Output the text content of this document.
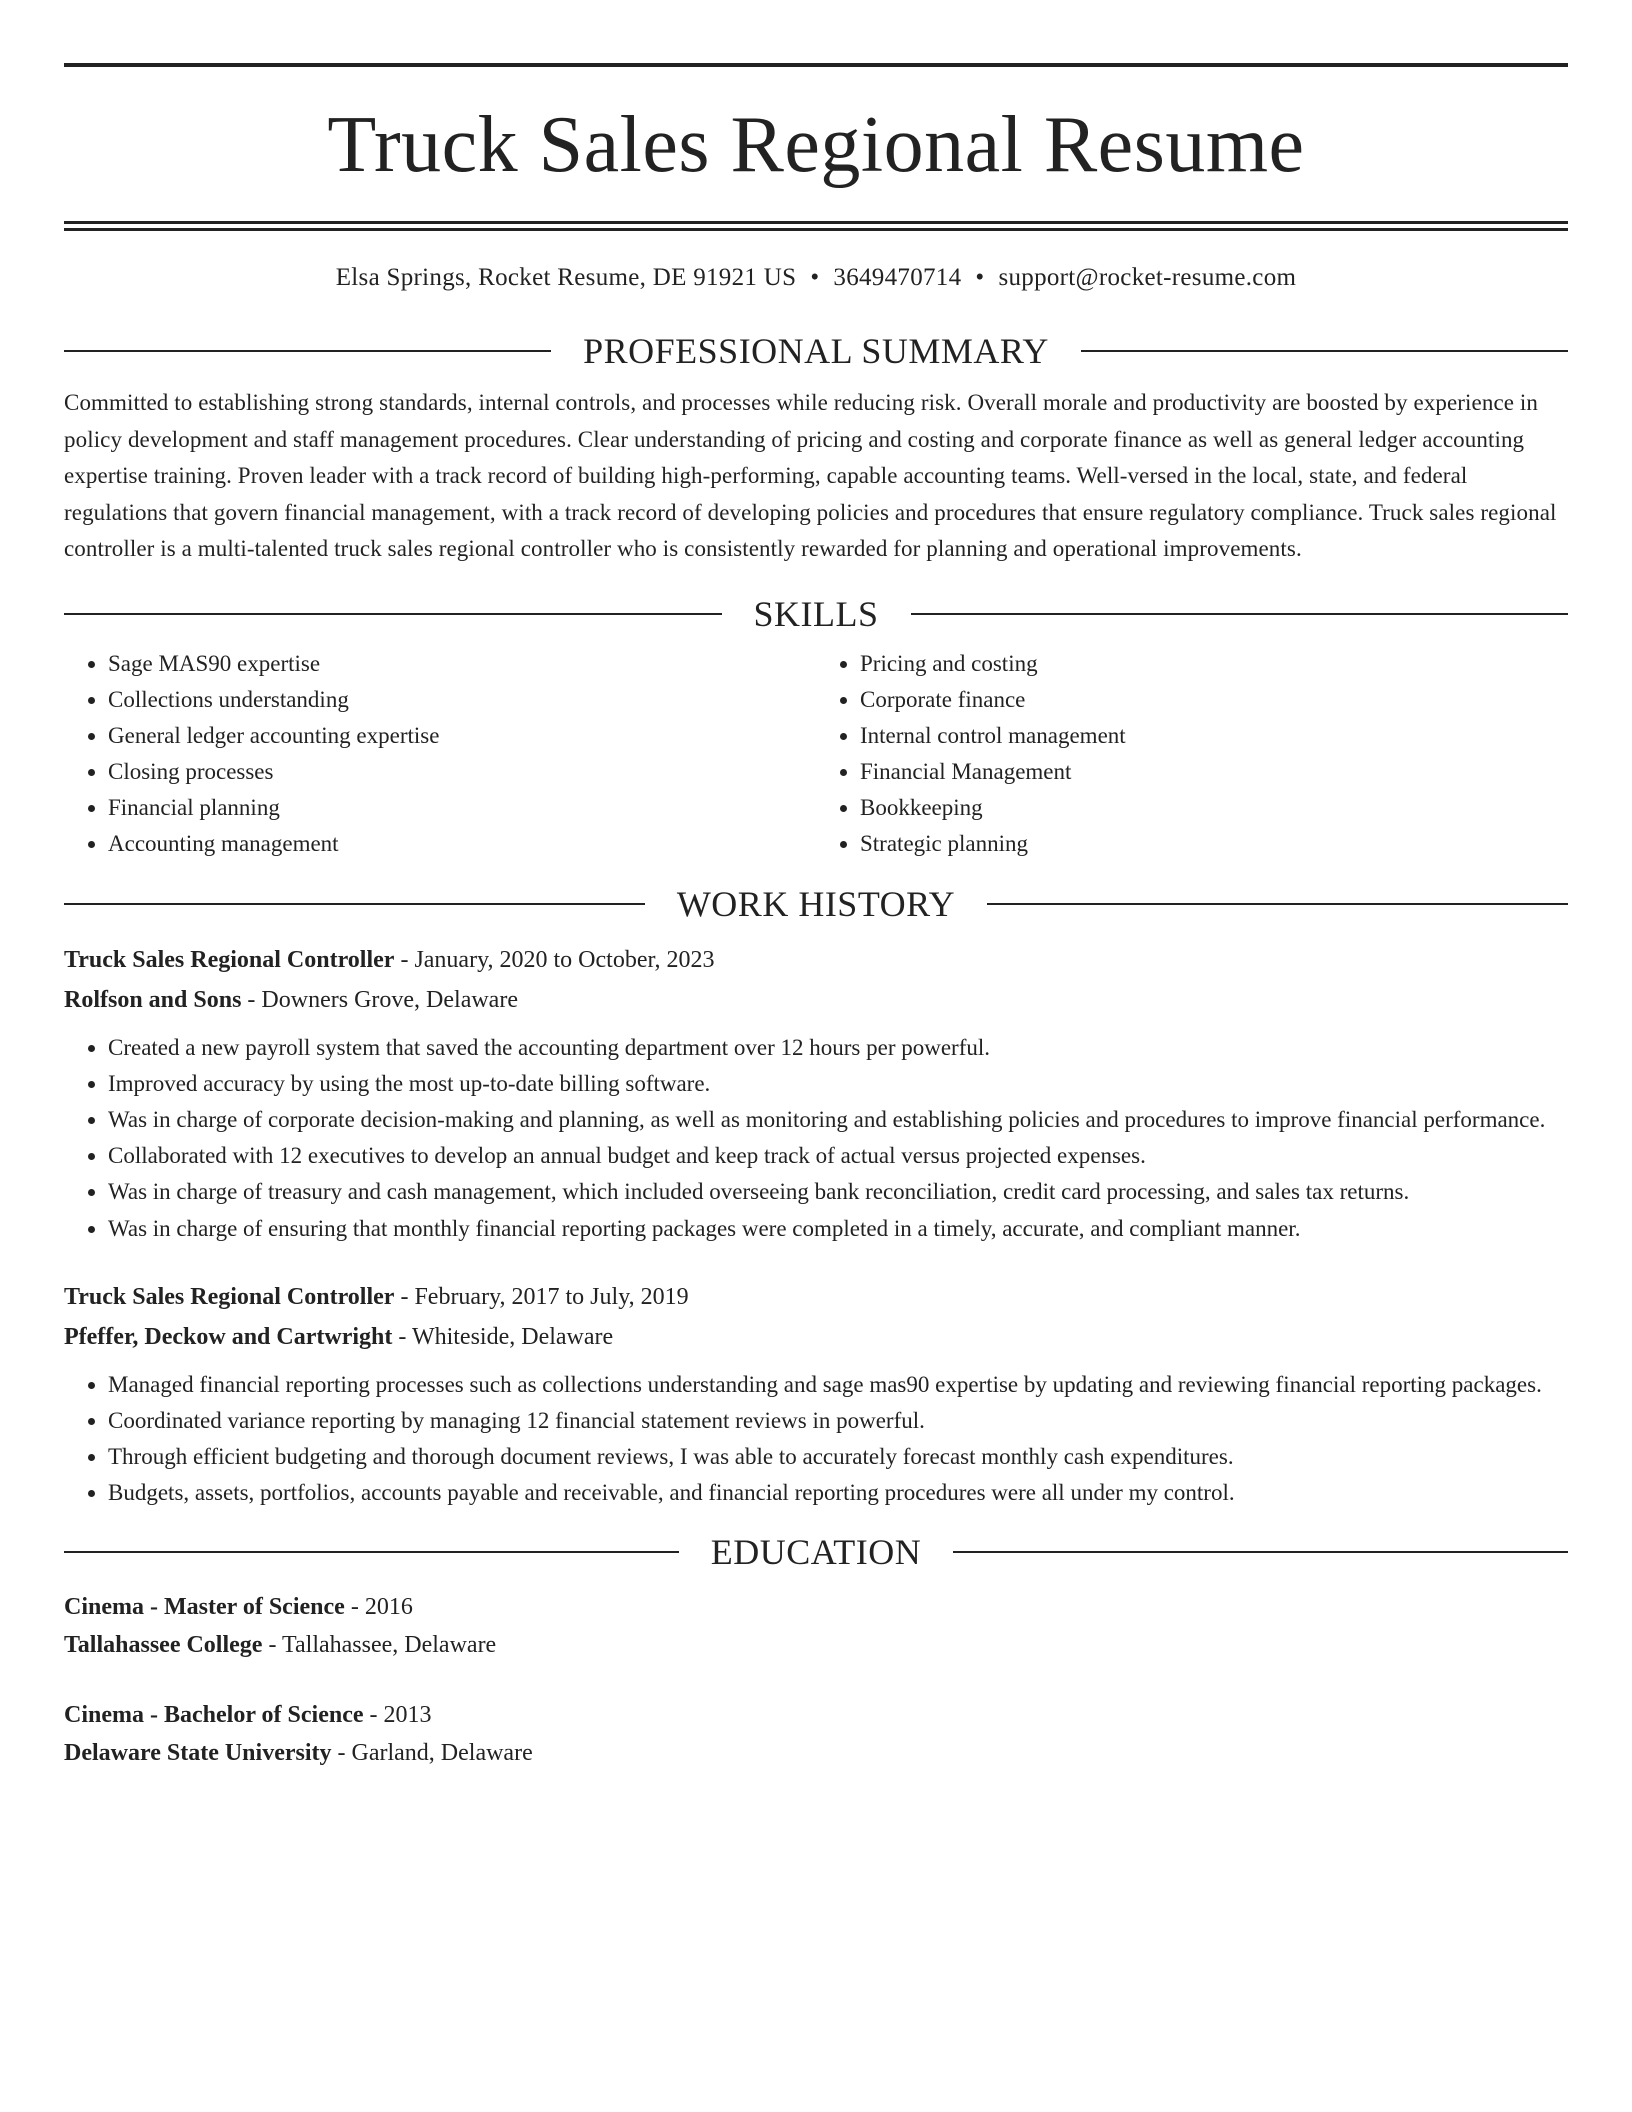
Truck Sales Regional Resume
Elsa Springs, Rocket Resume, DE 91921 US • 3649470714 • support@rocket-resume.com
PROFESSIONAL SUMMARY

Committed to establishing strong standards, internal controls, and processes while reducing risk. Overall morale and productivity are boosted by experience in policy development and staff management procedures. Clear understanding of pricing and costing and corporate finance as well as general ledger accounting expertise training. Proven leader with a track record of building high-performing, capable accounting teams. Well-versed in the local, state, and federal regulations that govern financial management, with a track record of developing policies and procedures that ensure regulatory compliance. Truck sales regional controller is a multi-talented truck sales regional controller who is consistently rewarded for planning and operational improvements.

SKILLS
• Sage MAS90 expertise
• Collections understanding
• General ledger accounting expertise
• Closing processes
• Financial planning
• Accounting management
• Pricing and costing
• Corporate finance
• Internal control management
• Financial Management
• Bookkeeping
• Strategic planning
WORK HISTORY
Truck Sales Regional Controller - January, 2020 to October, 2023
Rolfson and Sons - Downers Grove, Delaware
• Created a new payroll system that saved the accounting department over 12 hours per powerful.
• Improved accuracy by using the most up-to-date billing software.
• Was in charge of corporate decision-making and planning, as well as monitoring and establishing policies and procedures to improve financial performance.
• Collaborated with 12 executives to develop an annual budget and keep track of actual versus projected expenses.
• Was in charge of treasury and cash management, which included overseeing bank reconciliation, credit card processing, and sales tax returns.
• Was in charge of ensuring that monthly financial reporting packages were completed in a timely, accurate, and compliant manner.
Truck Sales Regional Controller - February, 2017 to July, 2019
Pfeffer, Deckow and Cartwright - Whiteside, Delaware
• Managed financial reporting processes such as collections understanding and sage mas90 expertise by updating and reviewing financial reporting packages.
• Coordinated variance reporting by managing 12 financial statement reviews in powerful.
• Through efficient budgeting and thorough document reviews, I was able to accurately forecast monthly cash expenditures.
• Budgets, assets, portfolios, accounts payable and receivable, and financial reporting procedures were all under my control.
EDUCATION
Cinema - Master of Science - 2016
Tallahassee College - Tallahassee, Delaware
Cinema - Bachelor of Science - 2013
Delaware State University - Garland, Delaware
